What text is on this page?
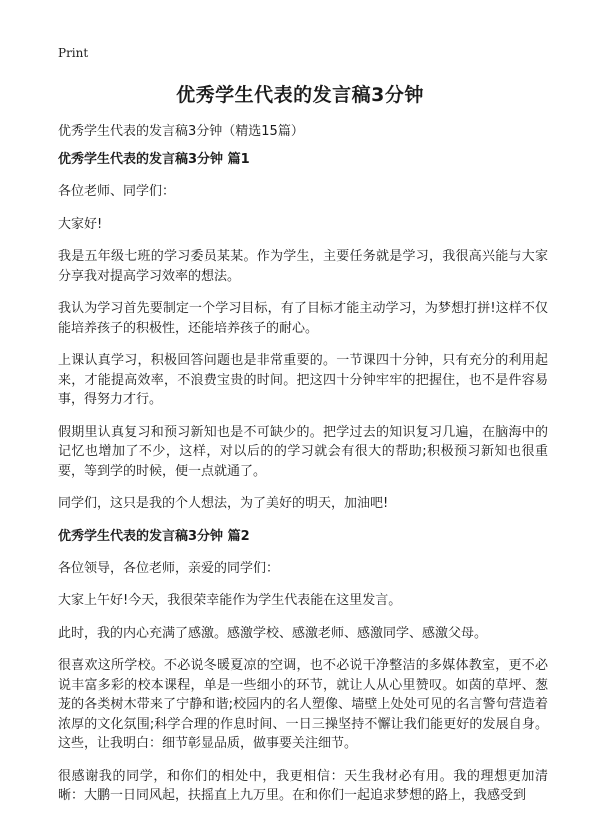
Print
优秀学生代表的发言稿3分钟
优秀学生代表的发言稿3分钟（精选15篇）
优秀学生代表的发言稿3分钟 篇1

各位老师、同学们：

大家好!

我是五年级七班的学习委员某某。作为学生，主要任务就是学习，我很高兴能与大家分享我对提高学习效率的想法。

我认为学习首先要制定一个学习目标，有了目标才能主动学习，为梦想打拼!这样不仅能培养孩子的积极性，还能培养孩子的耐心。

上课认真学习，积极回答问题也是非常重要的。一节课四十分钟，只有充分的利用起来，才能提高效率，不浪费宝贵的时间。把这四十分钟牢牢的把握住，也不是件容易事，得努力才行。

假期里认真复习和预习新知也是不可缺少的。把学过去的知识复习几遍，在脑海中的记忆也增加了不少，这样，对以后的的学习就会有很大的帮助;积极预习新知也很重要，等到学的时候，便一点就通了。

同学们，这只是我的个人想法，为了美好的明天，加油吧!

优秀学生代表的发言稿3分钟 篇2

各位领导，各位老师，亲爱的同学们：

大家上午好!今天，我很荣幸能作为学生代表能在这里发言。

此时，我的内心充满了感激。感激学校、感激老师、感激同学、感激父母。

很喜欢这所学校。不必说冬暖夏凉的空调，也不必说干净整洁的多媒体教室，更不必说丰富多彩的校本课程，单是一些细小的环节，就让人从心里赞叹。如茵的草坪、葱茏的各类树木带来了宁静和谐;校园内的名人塑像、墙壁上处处可见的名言警句营造着浓厚的文化氛围;科学合理的作息时间、一日三操坚持不懈让我们能更好的发展自身。这些，让我明白：细节彰显品质，做事要关注细节。

很感谢我的同学，和你们的相处中，我更相信：天生我材必有用。我的理想更加清晰：大鹏一日同风起，扶摇直上九万里。在和你们一起追求梦想的路上，我感受到
